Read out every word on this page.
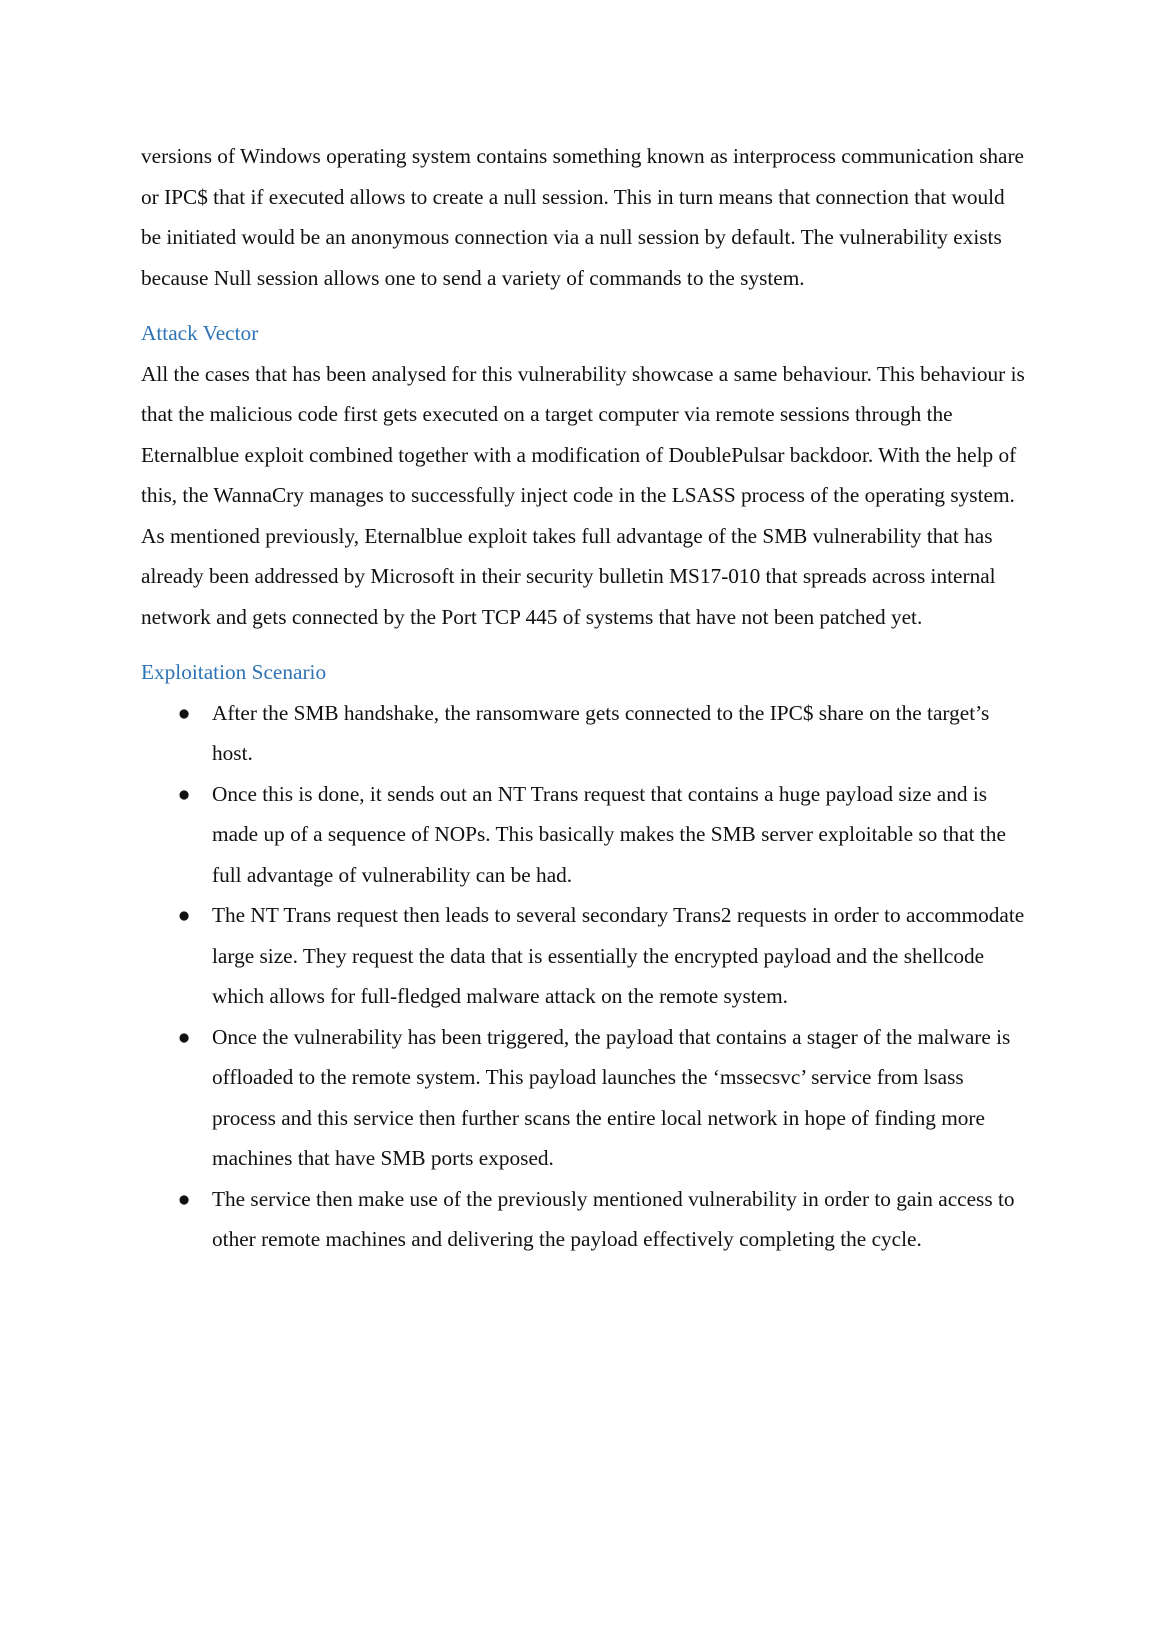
versions of Windows operating system contains something known as interprocess communication share or IPC$ that if executed allows to create a null session. This in turn means that connection that would be initiated would be an anonymous connection via a null session by default. The vulnerability exists because Null session allows one to send a variety of commands to the system.

Attack Vector

All the cases that has been analysed for this vulnerability showcase a same behaviour. This behaviour is that the malicious code first gets executed on a target computer via remote sessions through the Eternalblue exploit combined together with a modification of DoublePulsar backdoor. With the help of this, the WannaCry manages to successfully inject code in the LSASS process of the operating system. As mentioned previously, Eternalblue exploit takes full advantage of the SMB vulnerability that has already been addressed by Microsoft in their security bulletin MS17-010 that spreads across internal network and gets connected by the Port TCP 445 of systems that have not been patched yet.

Exploitation Scenario
● After the SMB handshake, the ransomware gets connected to the IPC$ share on the target’s host.
● Once this is done, it sends out an NT Trans request that contains a huge payload size and is made up of a sequence of NOPs. This basically makes the SMB server exploitable so that the full advantage of vulnerability can be had.
● The NT Trans request then leads to several secondary Trans2 requests in order to accommodate large size. They request the data that is essentially the encrypted payload and the shellcode which allows for full-fledged malware attack on the remote system.
● Once the vulnerability has been triggered, the payload that contains a stager of the malware is offloaded to the remote system. This payload launches the ‘mssecsvc’ service from lsass process and this service then further scans the entire local network in hope of finding more machines that have SMB ports exposed.
● The service then make use of the previously mentioned vulnerability in order to gain access to other remote machines and delivering the payload effectively completing the cycle.
